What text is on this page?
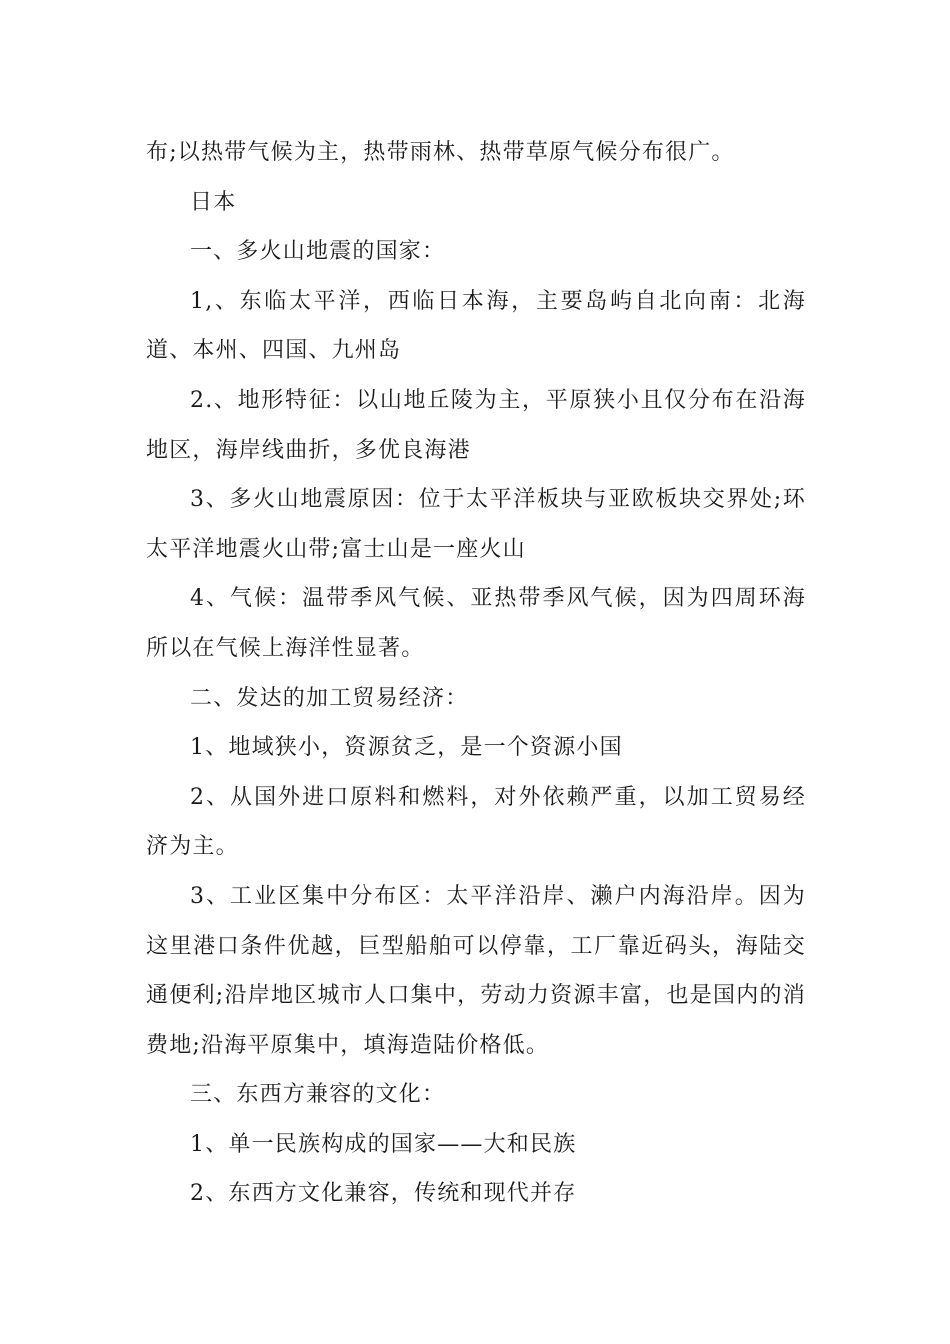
布;以热带气候为主，热带雨林、热带草原气候分布很广。

日本

一、多火山地震的国家：

1,、东临太平洋，西临日本海，主要岛屿自北向南：北海道、本州、四国、九州岛

2.、地形特征：以山地丘陵为主，平原狭小且仅分布在沿海地区，海岸线曲折，多优良海港

3、多火山地震原因：位于太平洋板块与亚欧板块交界处;环太平洋地震火山带;富士山是一座火山

4、气候：温带季风气候、亚热带季风气候，因为四周环海所以在气候上海洋性显著。

二、发达的加工贸易经济：

1、地域狭小，资源贫乏，是一个资源小国

2、从国外进口原料和燃料，对外依赖严重，以加工贸易经济为主。

3、工业区集中分布区：太平洋沿岸、濑户内海沿岸。因为这里港口条件优越，巨型船舶可以停靠，工厂靠近码头，海陆交通便利;沿岸地区城市人口集中，劳动力资源丰富，也是国内的消费地;沿海平原集中，填海造陆价格低。

三、东西方兼容的文化：

1、单一民族构成的国家——大和民族

2、东西方文化兼容，传统和现代并存
